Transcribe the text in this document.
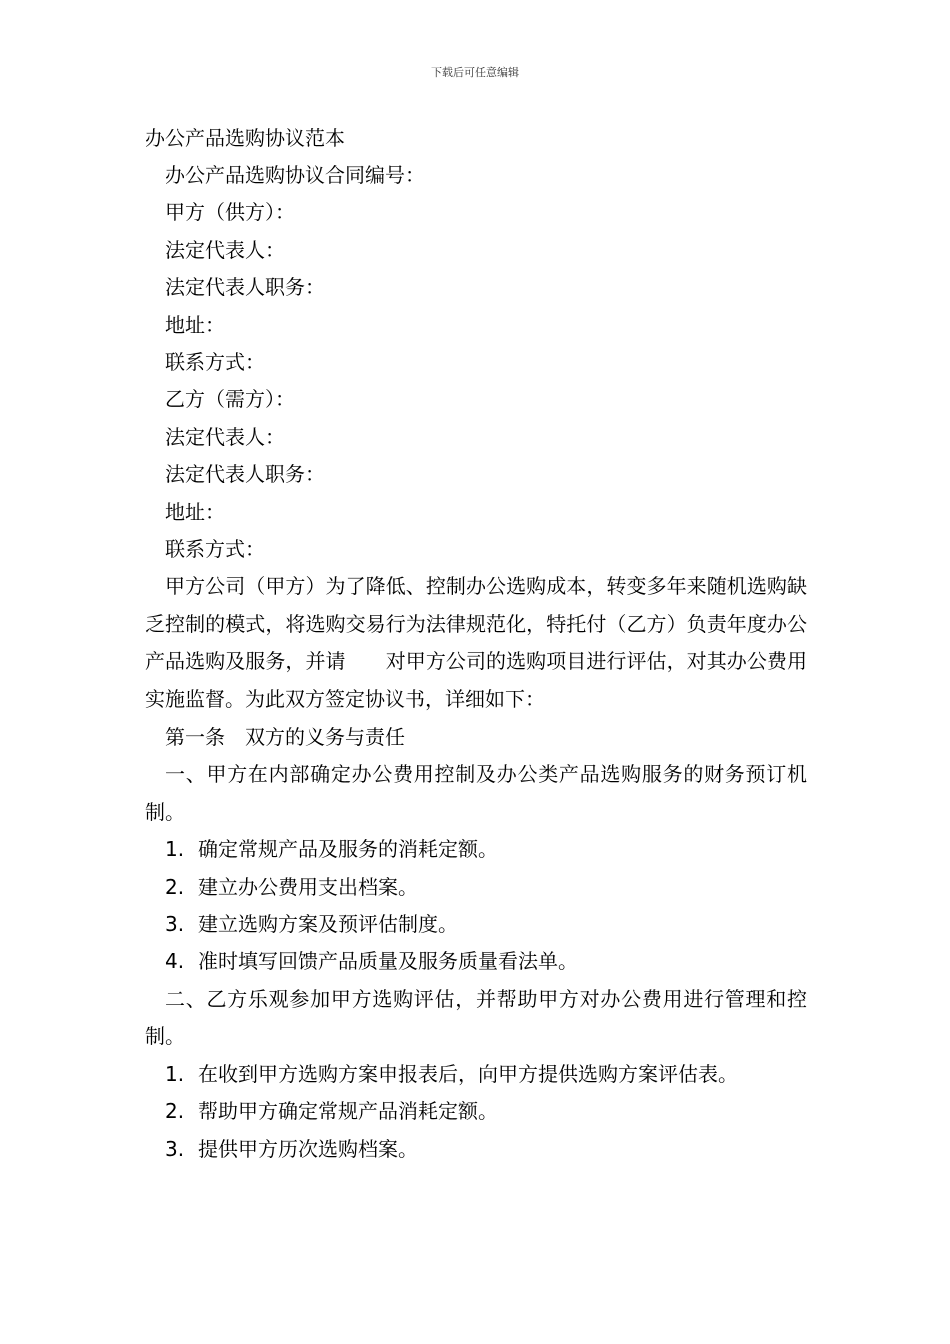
下载后可任意编辑
办公产品选购协议范本
办公产品选购协议合同编号：
甲方（供方）：
法定代表人：
法定代表人职务：
地址：
联系方式：
乙方（需方）：
法定代表人：
法定代表人职务：
地址：
联系方式：
甲方公司（甲方）为了降低、控制办公选购成本，转变多年来随机选购缺乏控制的模式，将选购交易行为法律规范化，特托付（乙方）负责年度办公产品选购及服务，并请　　对甲方公司的选购项目进行评估，对其办公费用实施监督。为此双方签定协议书，详细如下：
第一条　双方的义务与责任
一、甲方在内部确定办公费用控制及办公类产品选购服务的财务预订机制。
1. 确定常规产品及服务的消耗定额。
2. 建立办公费用支出档案。
3. 建立选购方案及预评估制度。
4. 准时填写回馈产品质量及服务质量看法单。
二、乙方乐观参加甲方选购评估，并帮助甲方对办公费用进行管理和控制。
1. 在收到甲方选购方案申报表后，向甲方提供选购方案评估表。
2. 帮助甲方确定常规产品消耗定额。
3. 提供甲方历次选购档案。
